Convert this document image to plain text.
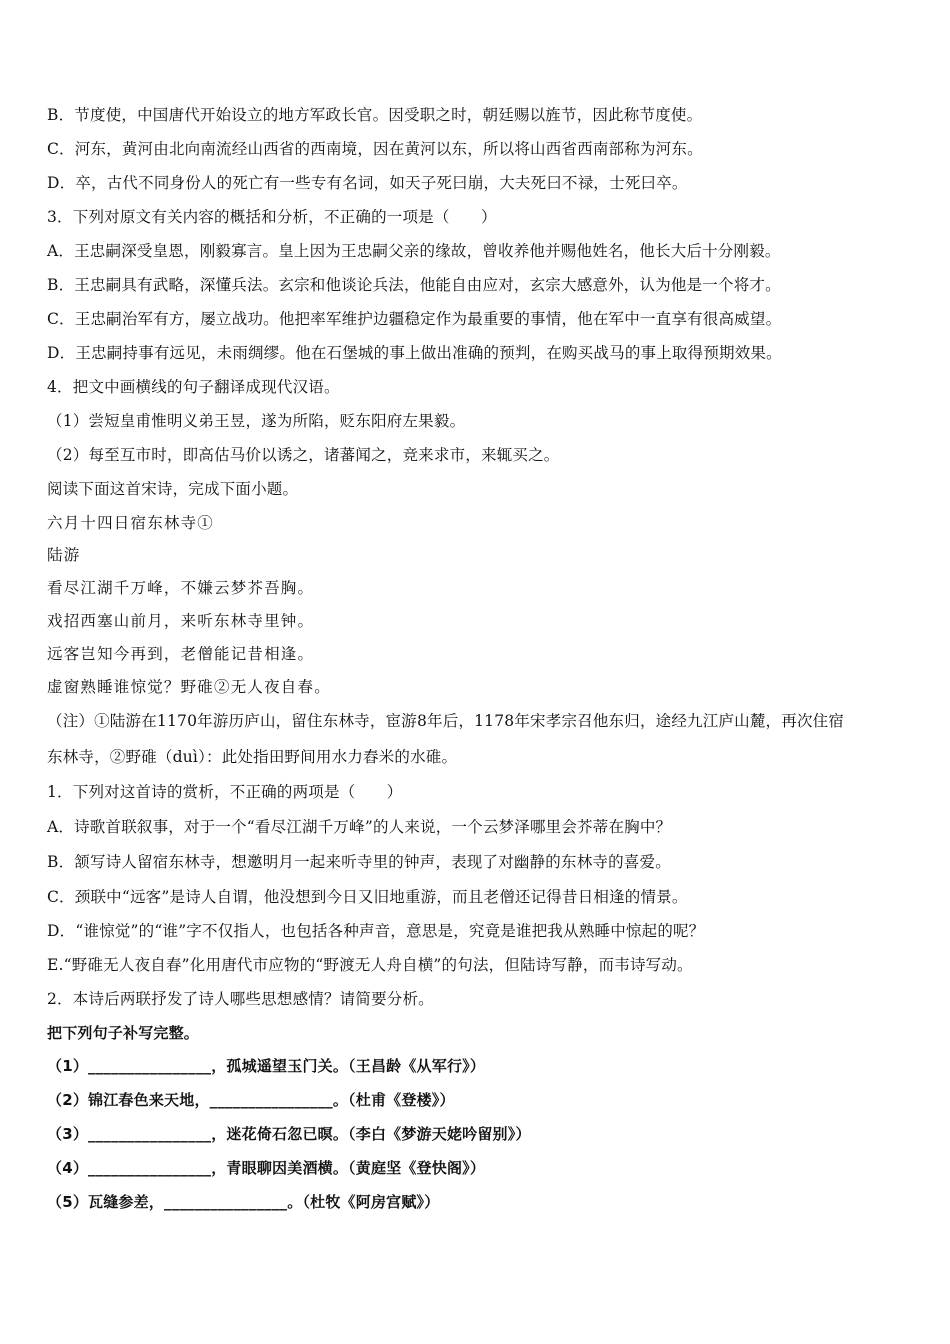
B．节度使，中国唐代开始设立的地方军政长官。因受职之时，朝廷赐以旌节，因此称节度使。
C．河东，黄河由北向南流经山西省的西南境，因在黄河以东，所以将山西省西南部称为河东。
D．卒，古代不同身份人的死亡有一些专有名词，如天子死曰崩，大夫死曰不禄，士死曰卒。
3．下列对原文有关内容的概括和分析，不正确的一项是（　　）
A．王忠嗣深受皇恩，刚毅寡言。皇上因为王忠嗣父亲的缘故，曾收养他并赐他姓名，他长大后十分刚毅。
B．王忠嗣具有武略，深懂兵法。玄宗和他谈论兵法，他能自由应对，玄宗大感意外，认为他是一个将才。
C．王忠嗣治军有方，屡立战功。他把率军维护边疆稳定作为最重要的事情，他在军中一直享有很高威望。
D．王忠嗣持事有远见，未雨绸缪。他在石堡城的事上做出准确的预判，在购买战马的事上取得预期效果。
4．把文中画横线的句子翻译成现代汉语。
（1）尝短皇甫惟明义弟王昱，遂为所陷，贬东阳府左果毅。
（2）每至互市时，即高估马价以诱之，诸蕃闻之，竞来求市，来辄买之。
阅读下面这首宋诗，完成下面小题。
六月十四日宿东林寺①
陆游
看尽江湖千万峰，不嫌云梦芥吾胸。
戏招西塞山前月，来听东林寺里钟。
远客岂知今再到，老僧能记昔相逢。
虚窗熟睡谁惊觉？野碓②无人夜自春。
（注）①陆游在1170年游历庐山，留住东林寺，宦游8年后，1178年宋孝宗召他东归，途经九江庐山麓，再次住宿
东林寺，②野碓（duì）：此处指田野间用水力舂米的水碓。
1．下列对这首诗的赏析，不正确的两项是（　　）
A．诗歌首联叙事，对于一个“看尽江湖千万峰”的人来说，一个云梦泽哪里会芥蒂在胸中？
B．颔写诗人留宿东林寺，想邀明月一起来听寺里的钟声，表现了对幽静的东林寺的喜爱。
C．颈联中“远客”是诗人自谓，他没想到今日又旧地重游，而且老僧还记得昔日相逢的情景。
D．“谁惊觉”的“谁”字不仅指人，也包括各种声音，意思是，究竟是谁把我从熟睡中惊起的呢？
E.“野碓无人夜自春”化用唐代市应物的“野渡无人舟自横”的句法，但陆诗写静，而韦诗写动。
2．本诗后两联抒发了诗人哪些思想感情？请简要分析。
把下列句子补写完整。
（1）________________，孤城遥望玉门关。（王昌龄《从军行》）
（2）锦江春色来天地，________________。（杜甫《登楼》）
（3）________________，迷花倚石忽已暝。（李白《梦游天姥吟留别》）
（4）________________，青眼聊因美酒横。（黄庭坚《登快阁》）
（5）瓦缝参差，________________。（杜牧《阿房宫赋》）
